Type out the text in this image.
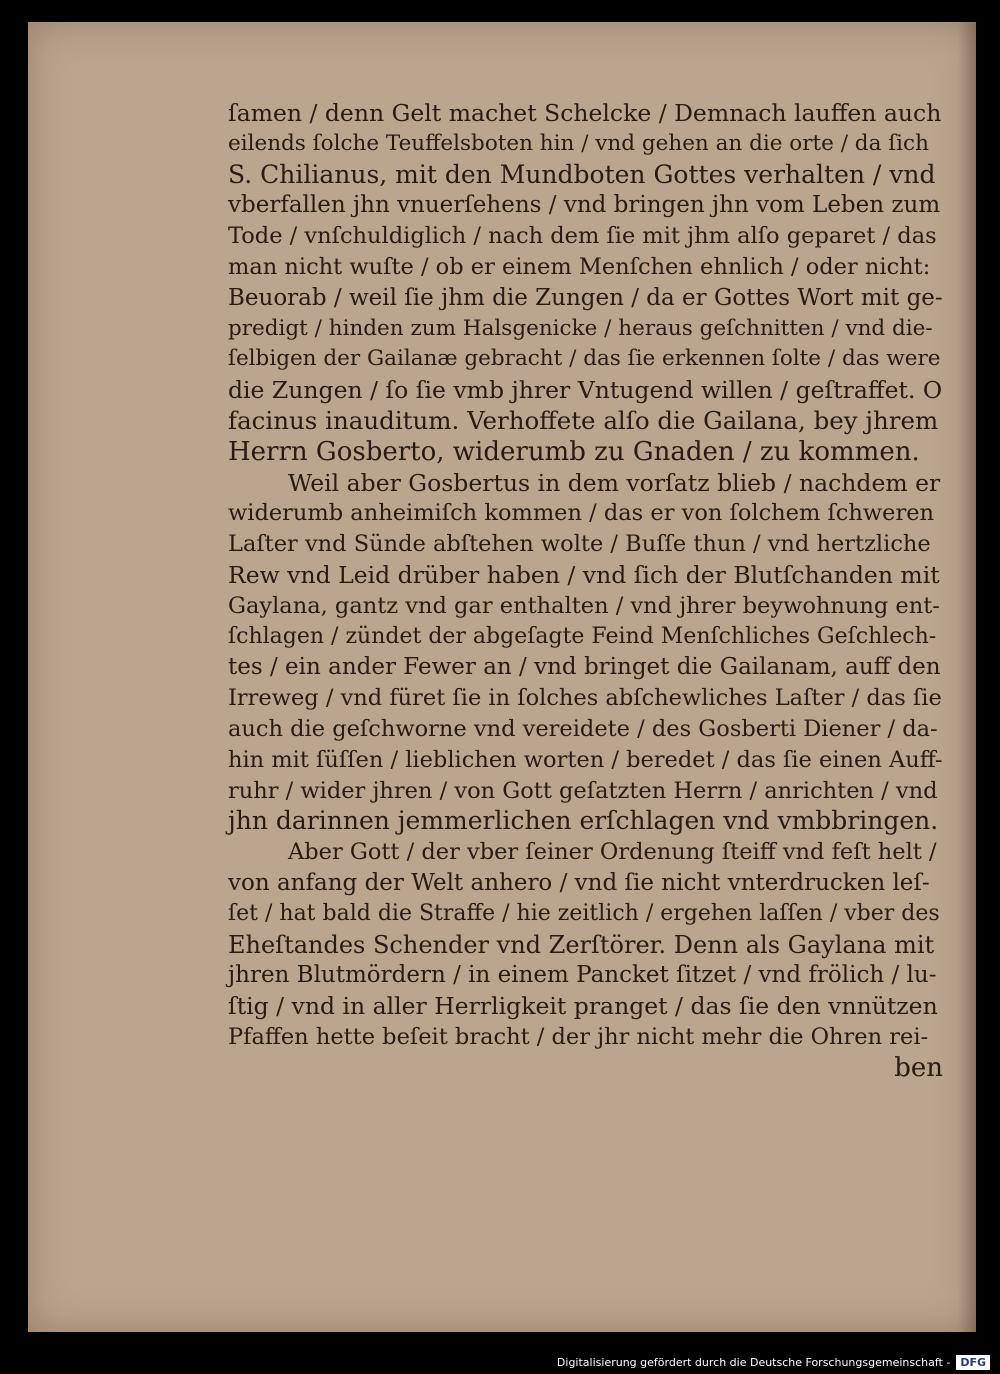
ſamen / denn Gelt machet Schelcke / Demnach lauffen auch
eilends ſolche Teuffelsboten hin / vnd gehen an die orte / da ſich
S. Chilianus, mit den Mundboten Gottes verhalten / vnd
vberfallen jhn vnuerſehens / vnd bringen jhn vom Leben zum
Tode / vnſchuldiglich / nach dem ſie mit jhm alſo geparet / das
man nicht wuſte / ob er einem Menſchen ehnlich / oder nicht:
Beuorab / weil ſie jhm die Zungen / da er Gottes Wort mit ge-
predigt / hinden zum Halsgenicke / heraus geſchnitten / vnd die-
ſelbigen der Gailanæ gebracht / das ſie erkennen ſolte / das were
die Zungen / ſo ſie vmb jhrer Vntugend willen / geſtraffet. O
facinus inauditum. Verhoffete alſo die Gailana, bey jhrem
Herrn Gosberto, widerumb zu Gnaden / zu kommen.
Weil aber Gosbertus in dem vorſatz blieb / nachdem er
widerumb anheimiſch kommen / das er von ſolchem ſchweren
Laſter vnd Sünde abſtehen wolte / Buſſe thun / vnd hertzliche
Rew vnd Leid drüber haben / vnd ſich der Blutſchanden mit
Gaylana, gantz vnd gar enthalten / vnd jhrer beywohnung ent-
ſchlagen / zündet der abgeſagte Feind Menſchliches Geſchlech-
tes / ein ander Fewer an / vnd bringet die Gailanam, auff den
Irreweg / vnd füret ſie in ſolches abſchewliches Laſter / das ſie
auch die geſchworne vnd vereidete / des Gosberti Diener / da-
hin mit ſüſſen / lieblichen worten / beredet / das ſie einen Auff-
ruhr / wider jhren / von Gott geſatzten Herrn / anrichten / vnd
jhn darinnen jemmerlichen erſchlagen vnd vmbbringen.
Aber Gott / der vber ſeiner Ordenung ſteiff vnd feſt helt /
von anfang der Welt anhero / vnd ſie nicht vnterdrucken leſ-
ſet / hat bald die Straffe / hie zeitlich / ergehen laſſen / vber des
Eheſtandes Schender vnd Zerſtörer. Denn als Gaylana mit
jhren Blutmördern / in einem Pancket ſitzet / vnd frölich / lu-
ſtig / vnd in aller Herrligkeit pranget / das ſie den vnnützen
Pfaffen hette beſeit bracht / der jhr nicht mehr die Ohren rei-
ben
Digitalisierung gefördert durch die Deutsche Forschungsgemeinschaft - DFG
